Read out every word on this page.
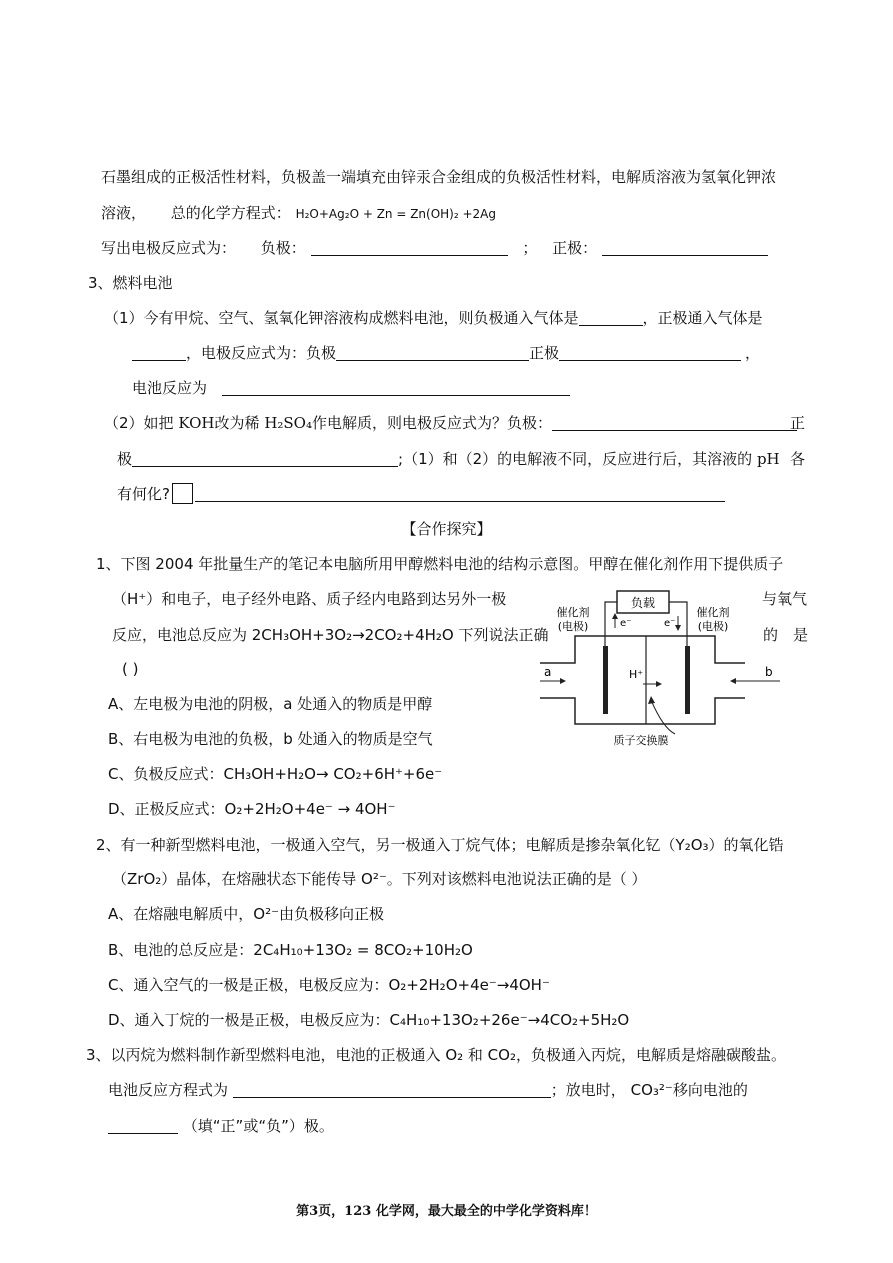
石墨组成的正极活性材料，负极盖一端填充由锌汞合金组成的负极活性材料，电解质溶液为氢氧化钾浓
溶液， 总的化学方程式： H₂O+Ag₂O + Zn = Zn(OH)₂ +2Ag
写出电极反应式为： 负极：	； 正极：
3、燃料电池
（1）今有甲烷、空气、氢氧化钾溶液构成燃料电池，则负极通入气体是	，正极通入气体是
，电极反应式为：负极	正极	，
电池反应为
（2）如把 KOH改为稀 H₂SO₄作电解质，则电极反应式为？负极：	正
极	;（1）和（2）的电解液不同，反应进行后，其溶液的 pH 各
有何化?
【合作探究】
1、下图 2004 年批量生产的笔记本电脑所用甲醇燃料电池的结构示意图。甲醇在催化剂作用下提供质子
（H⁺）和电子，电子经外电路、质子经内电路到达另外一极	与氧气
反应，电池总反应为 2CH₃OH+3O₂→2CO₂+4H₂O 下列说法正确	的 是
( )
A、左电极为电池的阴极，a 处通入的物质是甲醇
B、右电极为电池的负极，b 处通入的物质是空气
C、负极反应式：CH₃OH+H₂O→ CO₂+6H⁺+6e⁻
D、正极反应式：O₂+2H₂O+4e⁻ → 4OH⁻
负载
e⁻	e⁻
催化剂
(电极)
催化剂
(电极)
H⁺
a	b
质子交换膜
2、有一种新型燃料电池，一极通入空气，另一极通入丁烷气体；电解质是掺杂氧化钇（Y₂O₃）的氧化锆
（ZrO₂）晶体，在熔融状态下能传导 O²⁻。下列对该燃料电池说法正确的是（ ）
A、在熔融电解质中，O²⁻由负极移向正极
B、电池的总反应是：2C₄H₁₀+13O₂ = 8CO₂+10H₂O
C、通入空气的一极是正极，电极反应为：O₂+2H₂O+4e⁻→4OH⁻
D、通入丁烷的一极是正极，电极反应为：C₄H₁₀+13O₂+26e⁻→4CO₂+5H₂O
3、以丙烷为燃料制作新型燃料电池，电池的正极通入 O₂ 和 CO₂，负极通入丙烷，电解质是熔融碳酸盐。
电池反应方程式为	；放电时， CO₃²⁻移向电池的
（填“正”或“负”）极。
第3页，123 化学网，最大最全的中学化学资料库！
